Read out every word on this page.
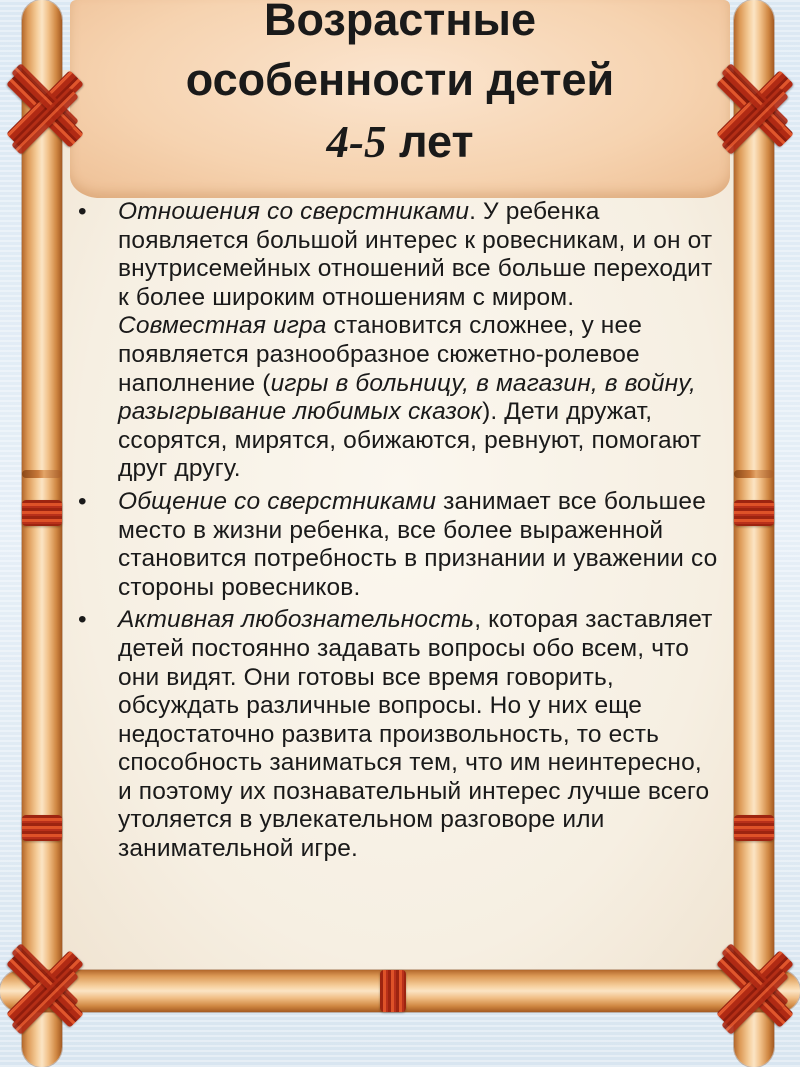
Возрастные
особенности детей
4-5 лет
•	Отношения со сверстниками. У ребенка появляется большой интерес к ровесникам, и он от внутрисемейных отношений все больше переходит к более широким отношениям с миром. Совместная игра становится сложнее, у нее появляется разнообразное сюжетно-ролевое наполнение (игры в больницу, в магазин, в войну, разыгрывание любимых сказок). Дети дружат, ссорятся, мирятся, обижаются, ревнуют, помогают друг другу.
•	Общение со сверстниками занимает все большее место в жизни ребенка, все более выраженной становится потребность в признании и уважении со стороны ровесников.
•	Активная любознательность, которая заставляет детей постоянно задавать вопросы обо всем, что они видят. Они готовы все время говорить, обсуждать различные вопросы. Но у них еще недостаточно развита произвольность, то есть способность заниматься тем, что им неинтересно, и поэтому их познавательный интерес лучше всего утоляется в увлекательном разговоре или занимательной игре.
